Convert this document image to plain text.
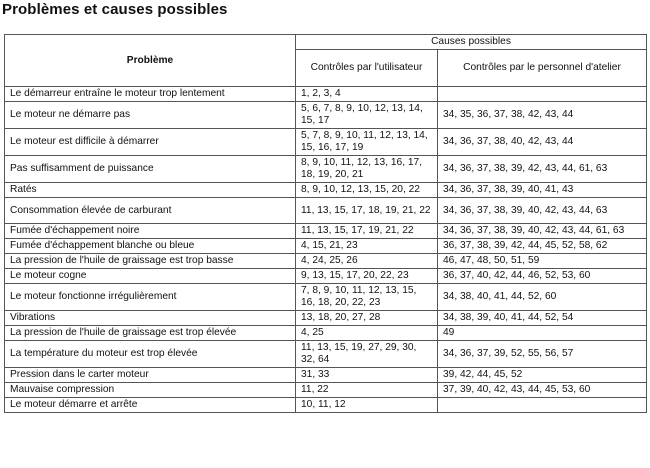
Problèmes et causes possibles
Problème	Causes possibles	
	Contrôles par l'utilisateur	Contrôles par le personnel d'atelier
Le démarreur entraîne le moteur trop lentement	1, 2, 3, 4	
Le moteur ne démarre pas	5, 6, 7, 8, 9, 10, 12, 13, 14, 15, 17	34, 35, 36, 37, 38, 42, 43, 44
Le moteur est difficile à démarrer	5, 7, 8, 9, 10, 11, 12, 13, 14, 15, 16, 17, 19	34, 36, 37, 38, 40, 42, 43, 44
Pas suffisamment de puissance	8, 9, 10, 11, 12, 13, 16, 17, 18, 19, 20, 21	34, 36, 37, 38, 39, 42, 43, 44, 61, 63
Ratés	8, 9, 10, 12, 13, 15, 20, 22	34, 36, 37, 38, 39, 40, 41, 43
Consommation élevée de carburant	11, 13, 15, 17, 18, 19, 21, 22	34, 36, 37, 38, 39, 40, 42, 43, 44, 63
Fumée d'échappement noire	11, 13, 15, 17, 19, 21, 22	34, 36, 37, 38, 39, 40, 42, 43, 44, 61, 63
Fumée d'échappement blanche ou bleue	4, 15, 21, 23	36, 37, 38, 39, 42, 44, 45, 52, 58, 62
La pression de l'huile de graissage est trop basse	4, 24, 25, 26	46, 47, 48, 50, 51, 59
Le moteur cogne	9, 13, 15, 17, 20, 22, 23	36, 37, 40, 42, 44, 46, 52, 53, 60
Le moteur fonctionne irrégulièrement	7, 8, 9, 10, 11, 12, 13, 15, 16, 18, 20, 22, 23	34, 38, 40, 41, 44, 52, 60
Vibrations	13, 18, 20, 27, 28	34, 38, 39, 40, 41, 44, 52, 54
La pression de l'huile de graissage est trop élevée	4, 25	49
La température du moteur est trop élevée	11, 13, 15, 19, 27, 29, 30, 32, 64	34, 36, 37, 39, 52, 55, 56, 57
Pression dans le carter moteur	31, 33	39, 42, 44, 45, 52
Mauvaise compression	11, 22	37, 39, 40, 42, 43, 44, 45, 53, 60
Le moteur démarre et arrête	10, 11, 12	
